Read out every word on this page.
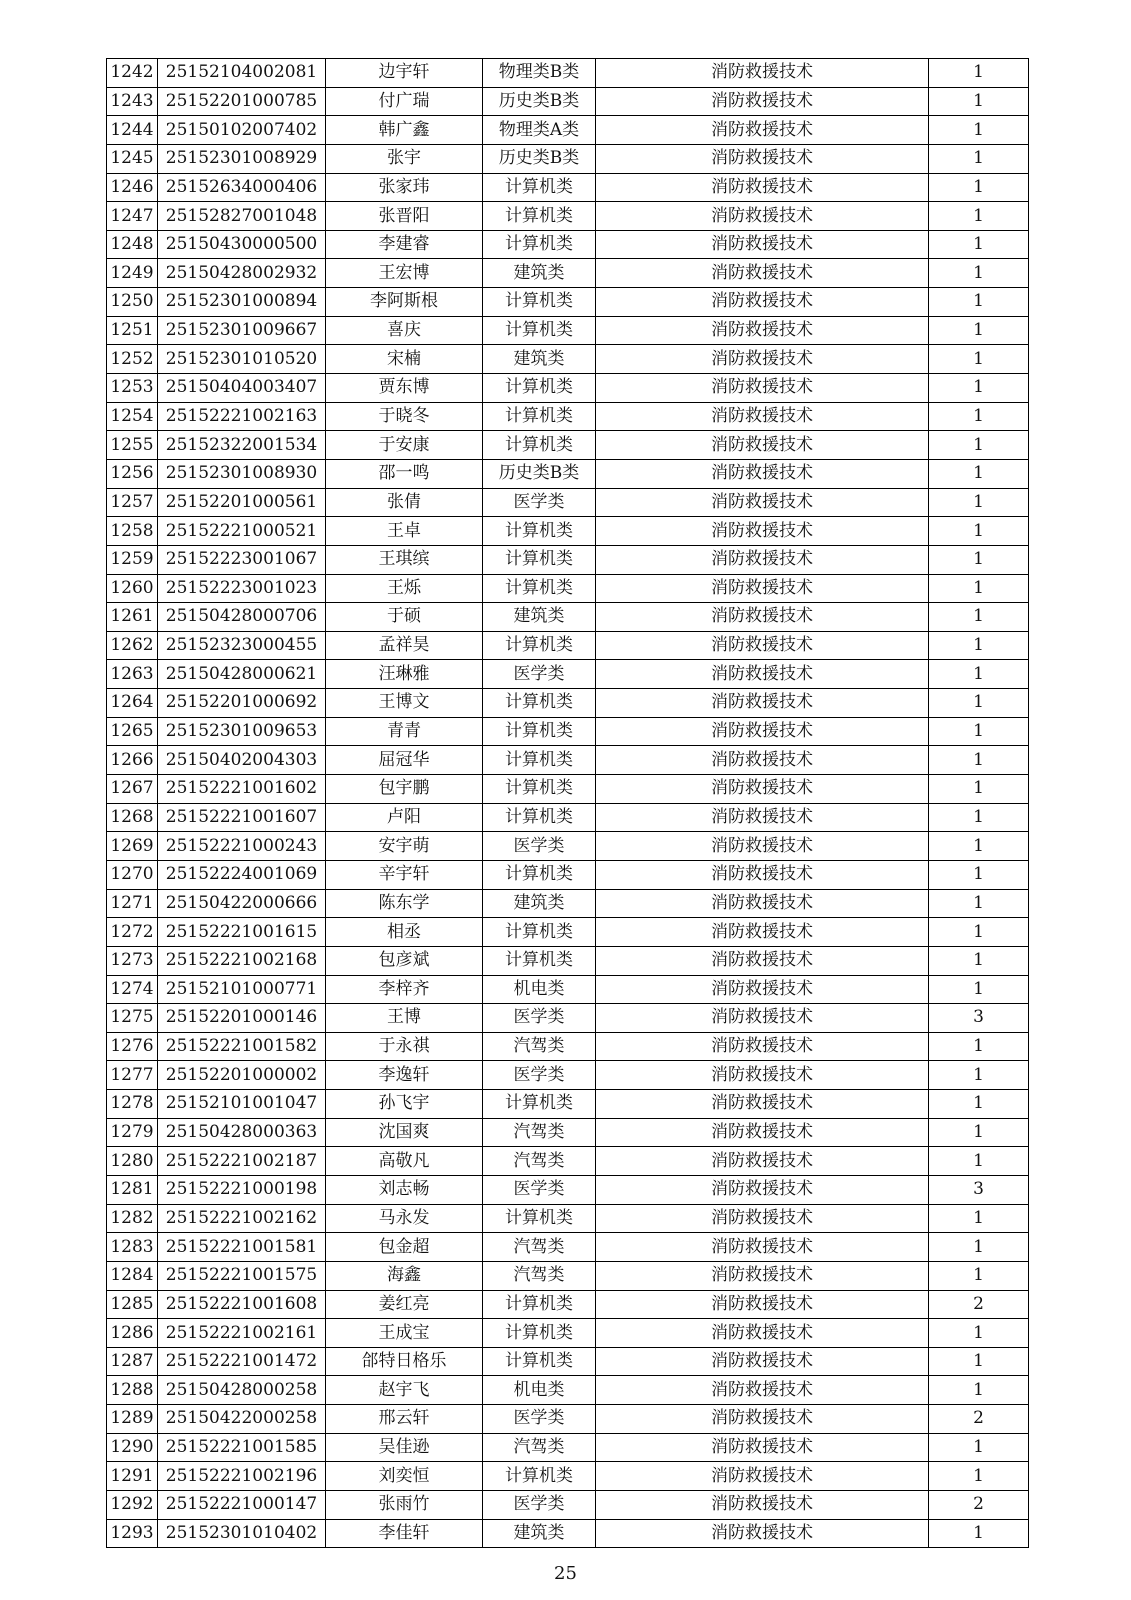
1242	25152104002081	边宇轩	物理类B类	消防救援技术	1
1243	25152201000785	付广瑞	历史类B类	消防救援技术	1
1244	25150102007402	韩广鑫	物理类A类	消防救援技术	1
1245	25152301008929	张宇	历史类B类	消防救援技术	1
1246	25152634000406	张家玮	计算机类	消防救援技术	1
1247	25152827001048	张晋阳	计算机类	消防救援技术	1
1248	25150430000500	李建睿	计算机类	消防救援技术	1
1249	25150428002932	王宏博	建筑类	消防救援技术	1
1250	25152301000894	李阿斯根	计算机类	消防救援技术	1
1251	25152301009667	喜庆	计算机类	消防救援技术	1
1252	25152301010520	宋楠	建筑类	消防救援技术	1
1253	25150404003407	贾东博	计算机类	消防救援技术	1
1254	25152221002163	于晓冬	计算机类	消防救援技术	1
1255	25152322001534	于安康	计算机类	消防救援技术	1
1256	25152301008930	邵一鸣	历史类B类	消防救援技术	1
1257	25152201000561	张倩	医学类	消防救援技术	1
1258	25152221000521	王卓	计算机类	消防救援技术	1
1259	25152223001067	王琪缤	计算机类	消防救援技术	1
1260	25152223001023	王烁	计算机类	消防救援技术	1
1261	25150428000706	于硕	建筑类	消防救援技术	1
1262	25152323000455	孟祥昊	计算机类	消防救援技术	1
1263	25150428000621	汪琳雅	医学类	消防救援技术	1
1264	25152201000692	王博文	计算机类	消防救援技术	1
1265	25152301009653	青青	计算机类	消防救援技术	1
1266	25150402004303	屈冠华	计算机类	消防救援技术	1
1267	25152221001602	包宇鹏	计算机类	消防救援技术	1
1268	25152221001607	卢阳	计算机类	消防救援技术	1
1269	25152221000243	安宇萌	医学类	消防救援技术	1
1270	25152224001069	辛宇轩	计算机类	消防救援技术	1
1271	25150422000666	陈东学	建筑类	消防救援技术	1
1272	25152221001615	相丞	计算机类	消防救援技术	1
1273	25152221002168	包彦斌	计算机类	消防救援技术	1
1274	25152101000771	李梓齐	机电类	消防救援技术	1
1275	25152201000146	王博	医学类	消防救援技术	3
1276	25152221001582	于永祺	汽驾类	消防救援技术	1
1277	25152201000002	李逸轩	医学类	消防救援技术	1
1278	25152101001047	孙飞宇	计算机类	消防救援技术	1
1279	25150428000363	沈国爽	汽驾类	消防救援技术	1
1280	25152221002187	高敬凡	汽驾类	消防救援技术	1
1281	25152221000198	刘志畅	医学类	消防救援技术	3
1282	25152221002162	马永发	计算机类	消防救援技术	1
1283	25152221001581	包金超	汽驾类	消防救援技术	1
1284	25152221001575	海鑫	汽驾类	消防救援技术	1
1285	25152221001608	姜红亮	计算机类	消防救援技术	2
1286	25152221002161	王成宝	计算机类	消防救援技术	1
1287	25152221001472	郃特日格乐	计算机类	消防救援技术	1
1288	25150428000258	赵宇飞	机电类	消防救援技术	1
1289	25150422000258	邢云轩	医学类	消防救援技术	2
1290	25152221001585	吴佳逊	汽驾类	消防救援技术	1
1291	25152221002196	刘奕恒	计算机类	消防救援技术	1
1292	25152221000147	张雨竹	医学类	消防救援技术	2
1293	25152301010402	李佳轩	建筑类	消防救援技术	1
25
